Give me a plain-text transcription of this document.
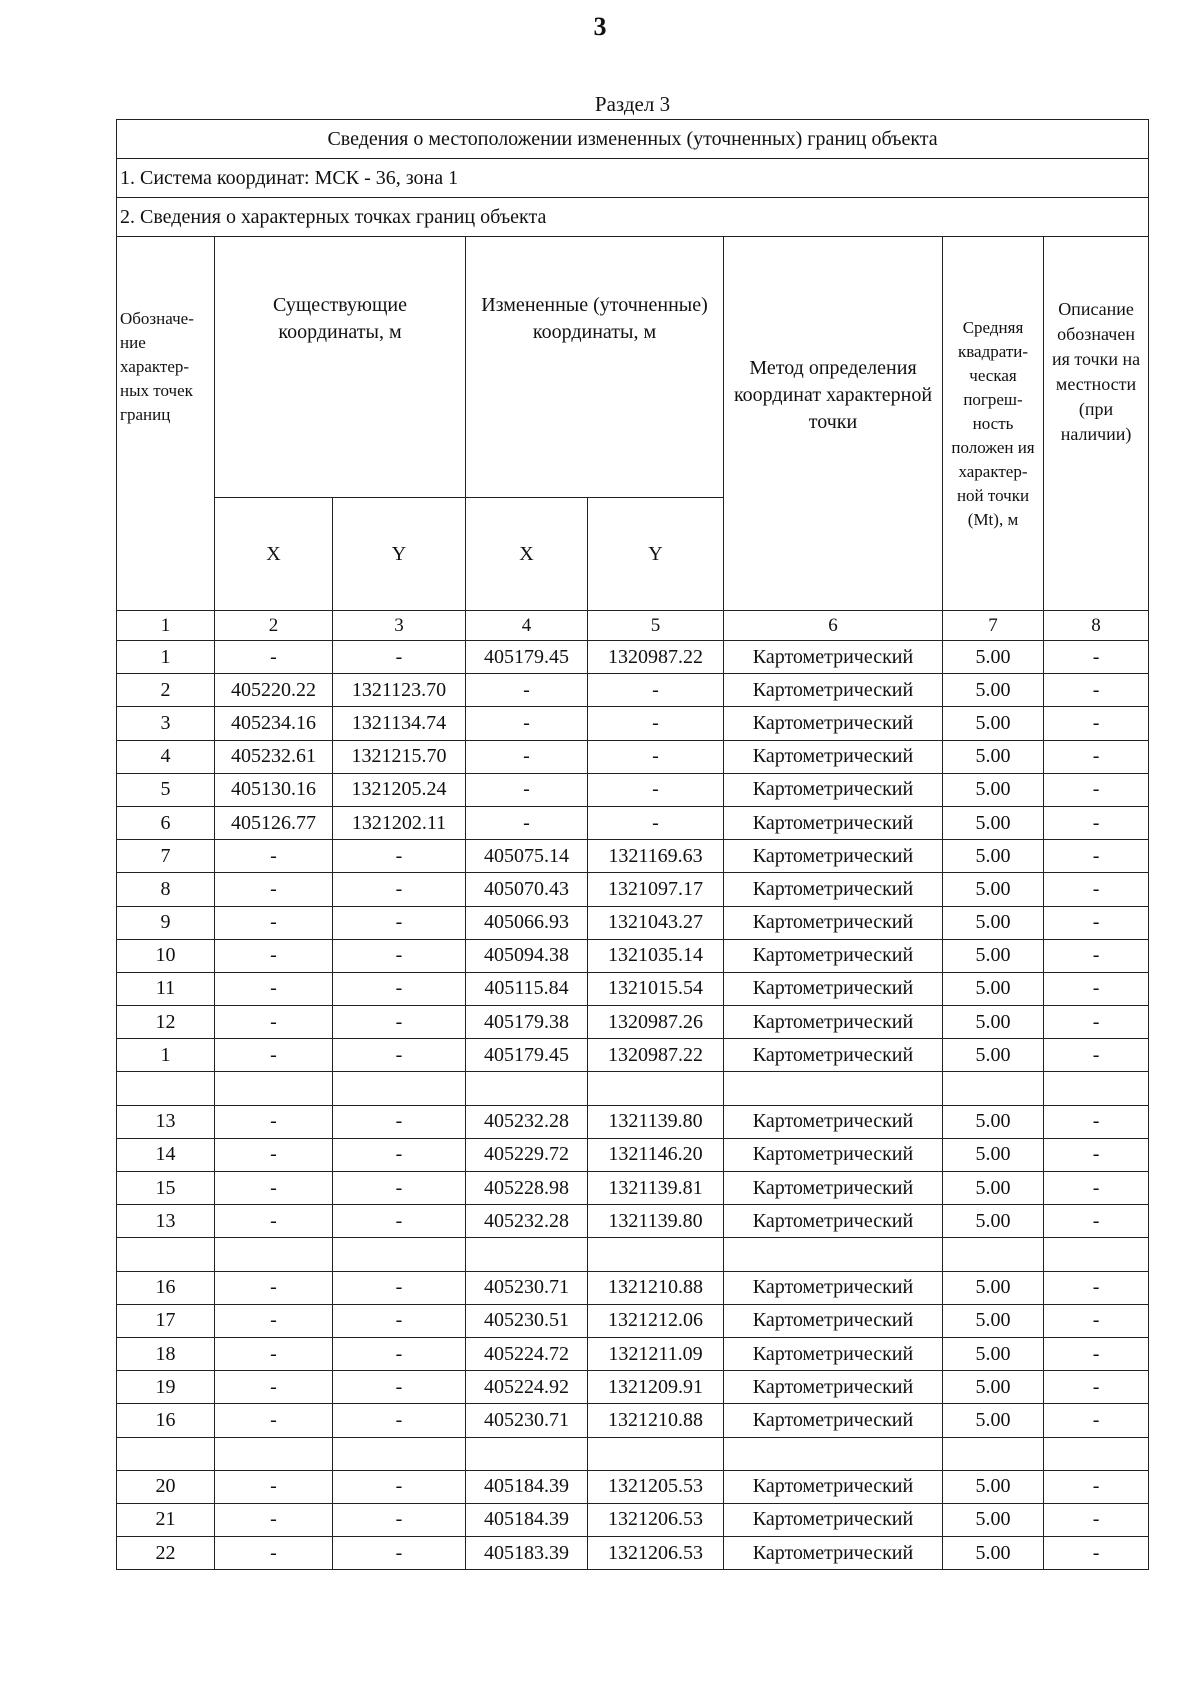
3
Раздел 3
Сведения о местоположении измененных (уточненных) границ объекта							
1. Система координат: МСК - 36, зона 1							
2. Сведения о характерных точках границ объекта							
Обозначе-ние характер-ных точек границ	Существующие координаты, м		Измененные (уточненные) координаты, м		Метод определения координат характерной точки	Средняя квадрати-ческая погреш-ность положен ия характер-ной точки (Mt), м	Описание обозначен ия точки на местности (при наличии)
	X	Y	X	Y			
1	2	3	4	5	6	7	8
1	-	-	405179.45	1320987.22	Картометрический	5.00	-
2	405220.22	1321123.70	-	-	Картометрический	5.00	-
3	405234.16	1321134.74	-	-	Картометрический	5.00	-
4	405232.61	1321215.70	-	-	Картометрический	5.00	-
5	405130.16	1321205.24	-	-	Картометрический	5.00	-
6	405126.77	1321202.11	-	-	Картометрический	5.00	-
7	-	-	405075.14	1321169.63	Картометрический	5.00	-
8	-	-	405070.43	1321097.17	Картометрический	5.00	-
9	-	-	405066.93	1321043.27	Картометрический	5.00	-
10	-	-	405094.38	1321035.14	Картометрический	5.00	-
11	-	-	405115.84	1321015.54	Картометрический	5.00	-
12	-	-	405179.38	1320987.26	Картометрический	5.00	-
1	-	-	405179.45	1320987.22	Картометрический	5.00	-

13	-	-	405232.28	1321139.80	Картометрический	5.00	-
14	-	-	405229.72	1321146.20	Картометрический	5.00	-
15	-	-	405228.98	1321139.81	Картометрический	5.00	-
13	-	-	405232.28	1321139.80	Картометрический	5.00	-

16	-	-	405230.71	1321210.88	Картометрический	5.00	-
17	-	-	405230.51	1321212.06	Картометрический	5.00	-
18	-	-	405224.72	1321211.09	Картометрический	5.00	-
19	-	-	405224.92	1321209.91	Картометрический	5.00	-
16	-	-	405230.71	1321210.88	Картометрический	5.00	-

20	-	-	405184.39	1321205.53	Картометрический	5.00	-
21	-	-	405184.39	1321206.53	Картометрический	5.00	-
22	-	-	405183.39	1321206.53	Картометрический	5.00	-
